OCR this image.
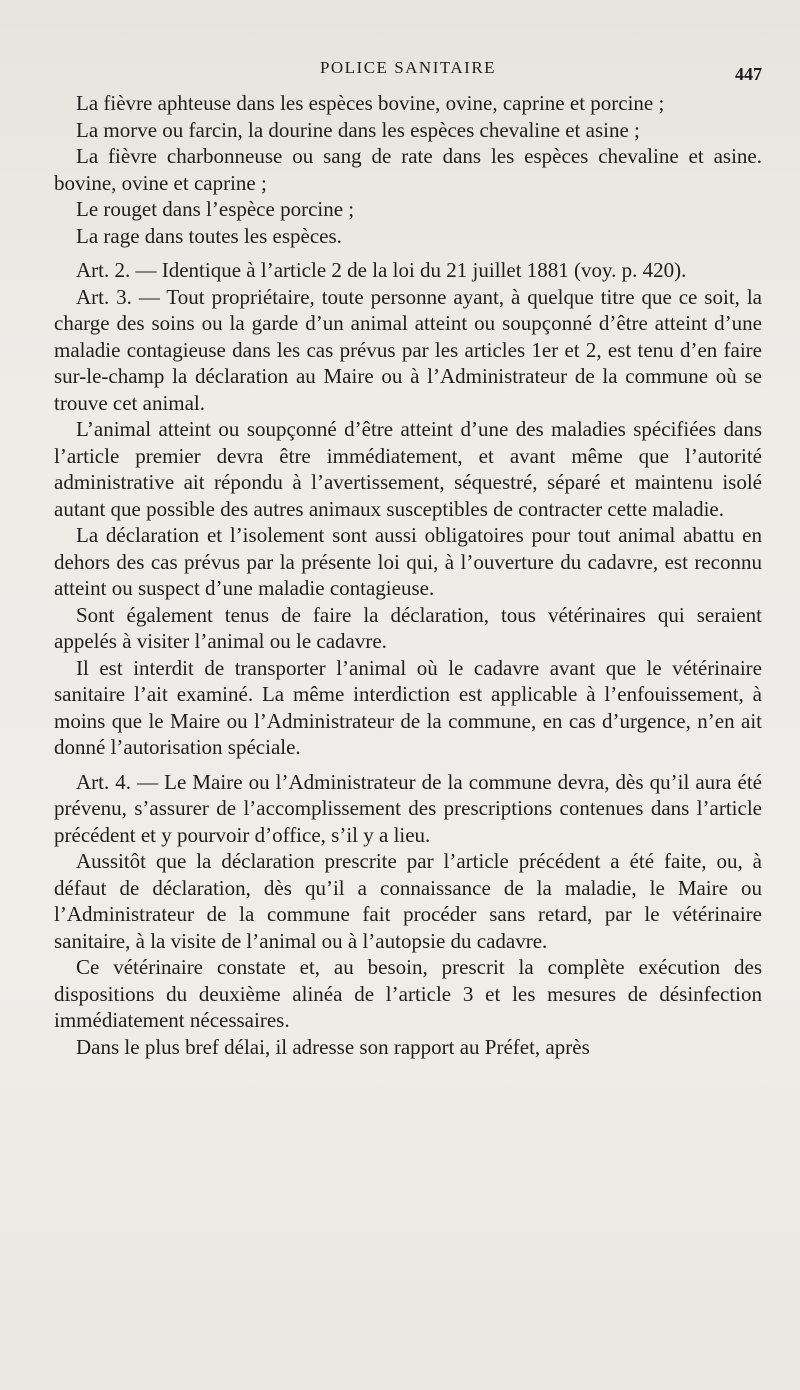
POLICE SANITAIRE	447

La fièvre aphteuse dans les espèces bovine, ovine, caprine et porcine ;

La morve ou farcin, la dourine dans les espèces chevaline et asine ;

La fièvre charbonneuse ou sang de rate dans les espèces chevaline et asine. bovine, ovine et caprine ;

Le rouget dans l’espèce porcine ;

La rage dans toutes les espèces.

Art. 2. — Identique à l’article 2 de la loi du 21 juillet 1881 (voy. p. 420).

Art. 3. — Tout propriétaire, toute personne ayant, à quelque titre que ce soit, la charge des soins ou la garde d’un animal atteint ou soupçonné d’être atteint d’une maladie contagieuse dans les cas prévus par les articles 1er et 2, est tenu d’en faire sur-le-champ la déclaration au Maire ou à l’Administrateur de la commune où se trouve cet animal.

L’animal atteint ou soupçonné d’être atteint d’une des maladies spécifiées dans l’article premier devra être immédiatement, et avant même que l’autorité administrative ait répondu à l’avertissement, séquestré, séparé et maintenu isolé autant que possible des autres animaux susceptibles de contracter cette maladie.

La déclaration et l’isolement sont aussi obligatoires pour tout animal abattu en dehors des cas prévus par la présente loi qui, à l’ouverture du cadavre, est reconnu atteint ou suspect d’une maladie contagieuse.

Sont également tenus de faire la déclaration, tous vétérinaires qui seraient appelés à visiter l’animal ou le cadavre.

Il est interdit de transporter l’animal où le cadavre avant que le vétérinaire sanitaire l’ait examiné. La même interdiction est applicable à l’enfouissement, à moins que le Maire ou l’Administrateur de la commune, en cas d’urgence, n’en ait donné l’autorisation spéciale.

Art. 4. — Le Maire ou l’Administrateur de la commune devra, dès qu’il aura été prévenu, s’assurer de l’accomplissement des prescriptions contenues dans l’article précédent et y pourvoir d’office, s’il y a lieu.

Aussitôt que la déclaration prescrite par l’article précédent a été faite, ou, à défaut de déclaration, dès qu’il a connaissance de la maladie, le Maire ou l’Administrateur de la commune fait procéder sans retard, par le vétérinaire sanitaire, à la visite de l’animal ou à l’autopsie du cadavre.

Ce vétérinaire constate et, au besoin, prescrit la complète exécution des dispositions du deuxième alinéa de l’article 3 et les mesures de désinfection immédiatement nécessaires.

Dans le plus bref délai, il adresse son rapport au Préfet, après
